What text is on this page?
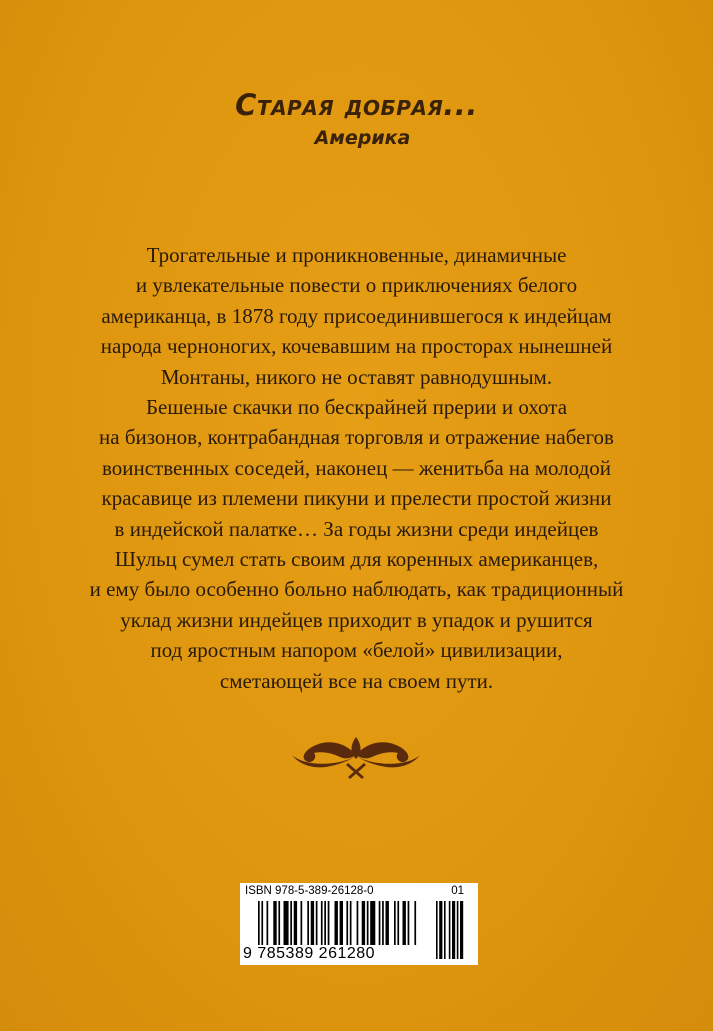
Старая добрая...
Америка
Трогательные и проникновенные, динамичные
и увлекательные повести о приключениях белого
американца, в 1878 году присоединившегося к индейцам
народа черноногих, кочевавшим на просторах нынешней
Монтаны, никого не оставят равнодушным.
Бешеные скачки по бескрайней прерии и охота
на бизонов, контрабандная торговля и отражение набегов
воинственных соседей, наконец — женитьба на молодой
красавице из племени пикуни и прелести простой жизни
в индейской палатке… За годы жизни среди индейцев
Шульц сумел стать своим для коренных американцев,
и ему было особенно больно наблюдать, как традиционный
уклад жизни индейцев приходит в упадок и рушится
под яростным напором «белой» цивилизации,
сметающей все на своем пути.
ISBN 978-5-389-26128-0	01
9 785389 261280
